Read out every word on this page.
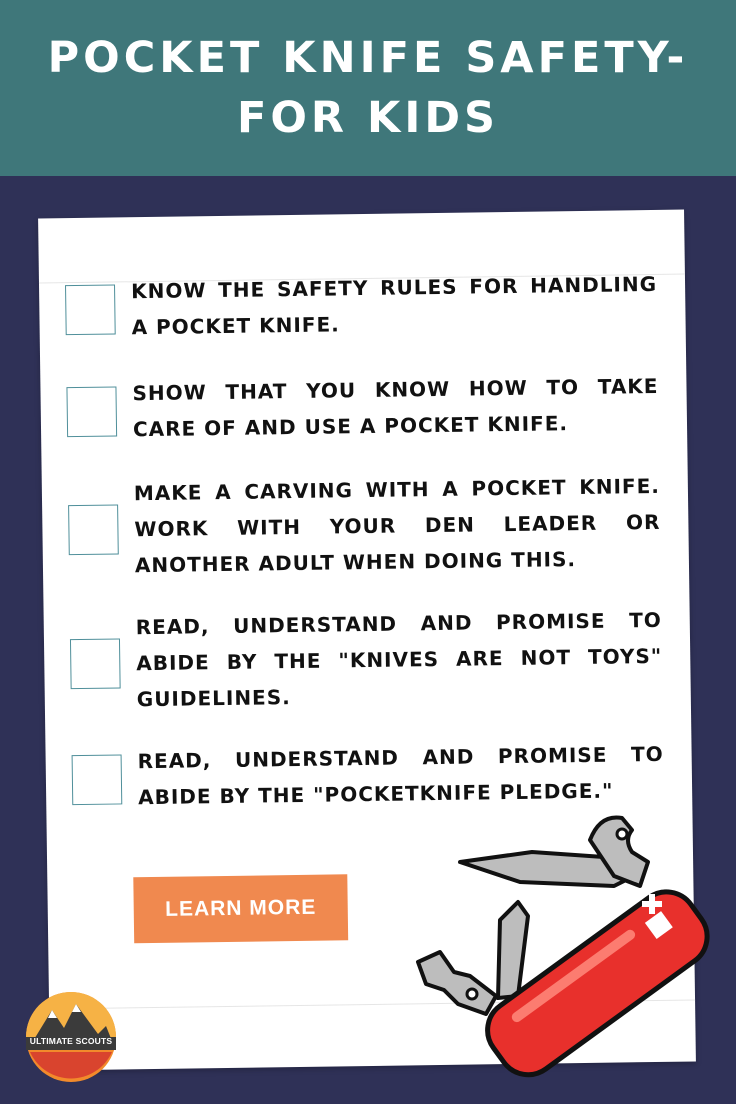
POCKET KNIFE SAFETY-
FOR KIDS
KNOW THE SAFETY RULES FOR HANDLING A POCKET KNIFE.
SHOW THAT YOU KNOW HOW TO TAKE CARE OF AND USE A POCKET KNIFE.
MAKE A CARVING WITH A POCKET KNIFE. WORK WITH YOUR DEN LEADER OR ANOTHER ADULT WHEN DOING THIS.
READ, UNDERSTAND AND PROMISE TO ABIDE BY THE "KNIVES ARE NOT TOYS" GUIDELINES.
READ, UNDERSTAND AND PROMISE TO ABIDE BY THE "POCKETKNIFE PLEDGE."
LEARN MORE
ULTIMATE SCOUTS
